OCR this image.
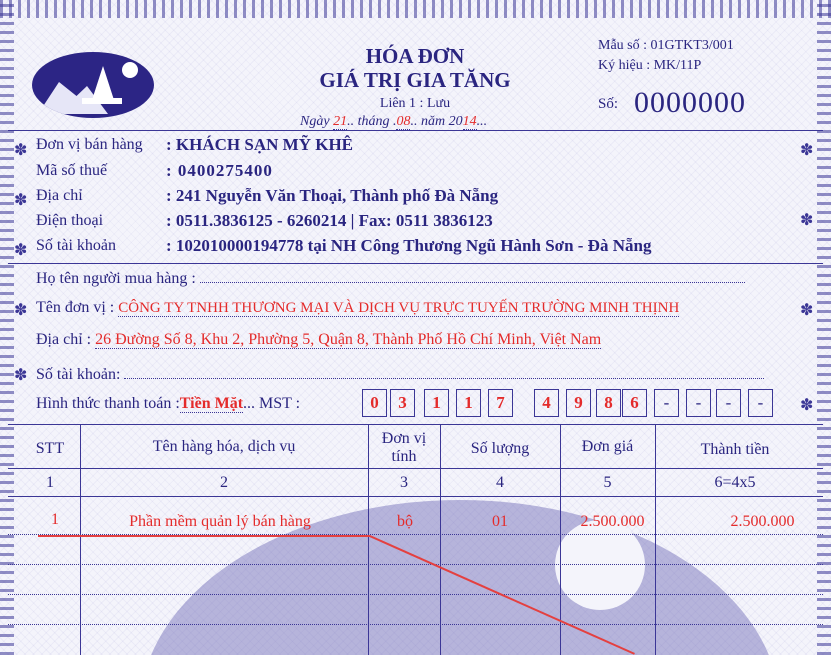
HÓA ĐƠN
GIÁ TRỊ GIA TĂNG
Liên 1 : Lưu
Ngày 21.. tháng .08.. năm 2014...
Mẫu số : 01GTKT3/001
Ký hiệu : MK/11P
Số: 0000000
Đơn vị bán hàng : KHÁCH SẠN MỸ KHÊ
Mã số thuế	: 0400275400
Địa chỉ	: 241 Nguyễn Văn Thoại, Thành phố Đà Nẵng
Điện thoại	: 0511.3836125 - 6260214 | Fax: 0511 3836123
Số tài khoản	: 102010000194778 tại NH Công Thương Ngũ Hành Sơn - Đà Nẵng
Họ tên người mua hàng :
Tên đơn vị : CÔNG TY TNHH THƯƠNG MẠI VÀ DỊCH VỤ TRỰC TUYẾN TRƯỜNG MINH THỊNH
Địa chỉ : 26 Đường Số 8, Khu 2, Phường 5, Quận 8, Thành Phố Hồ Chí Minh, Việt Nam
Số tài khoản:
Hình thức thanh toán :Tiền Mặt... MST :	0	3	1	1	7	4	9	8	6	-	-	-	-
STT	Tên hàng hóa, dịch vụ	Đơn vị
tính	Số lượng	Đơn giá	Thành tiền
1	2	3	4	5	6=4x5
1	Phần mềm quản lý bán hàng	bộ	01	2.500.000	2.500.000
✽
✽
✽
✽
✽
✽
✽
✽
✽
